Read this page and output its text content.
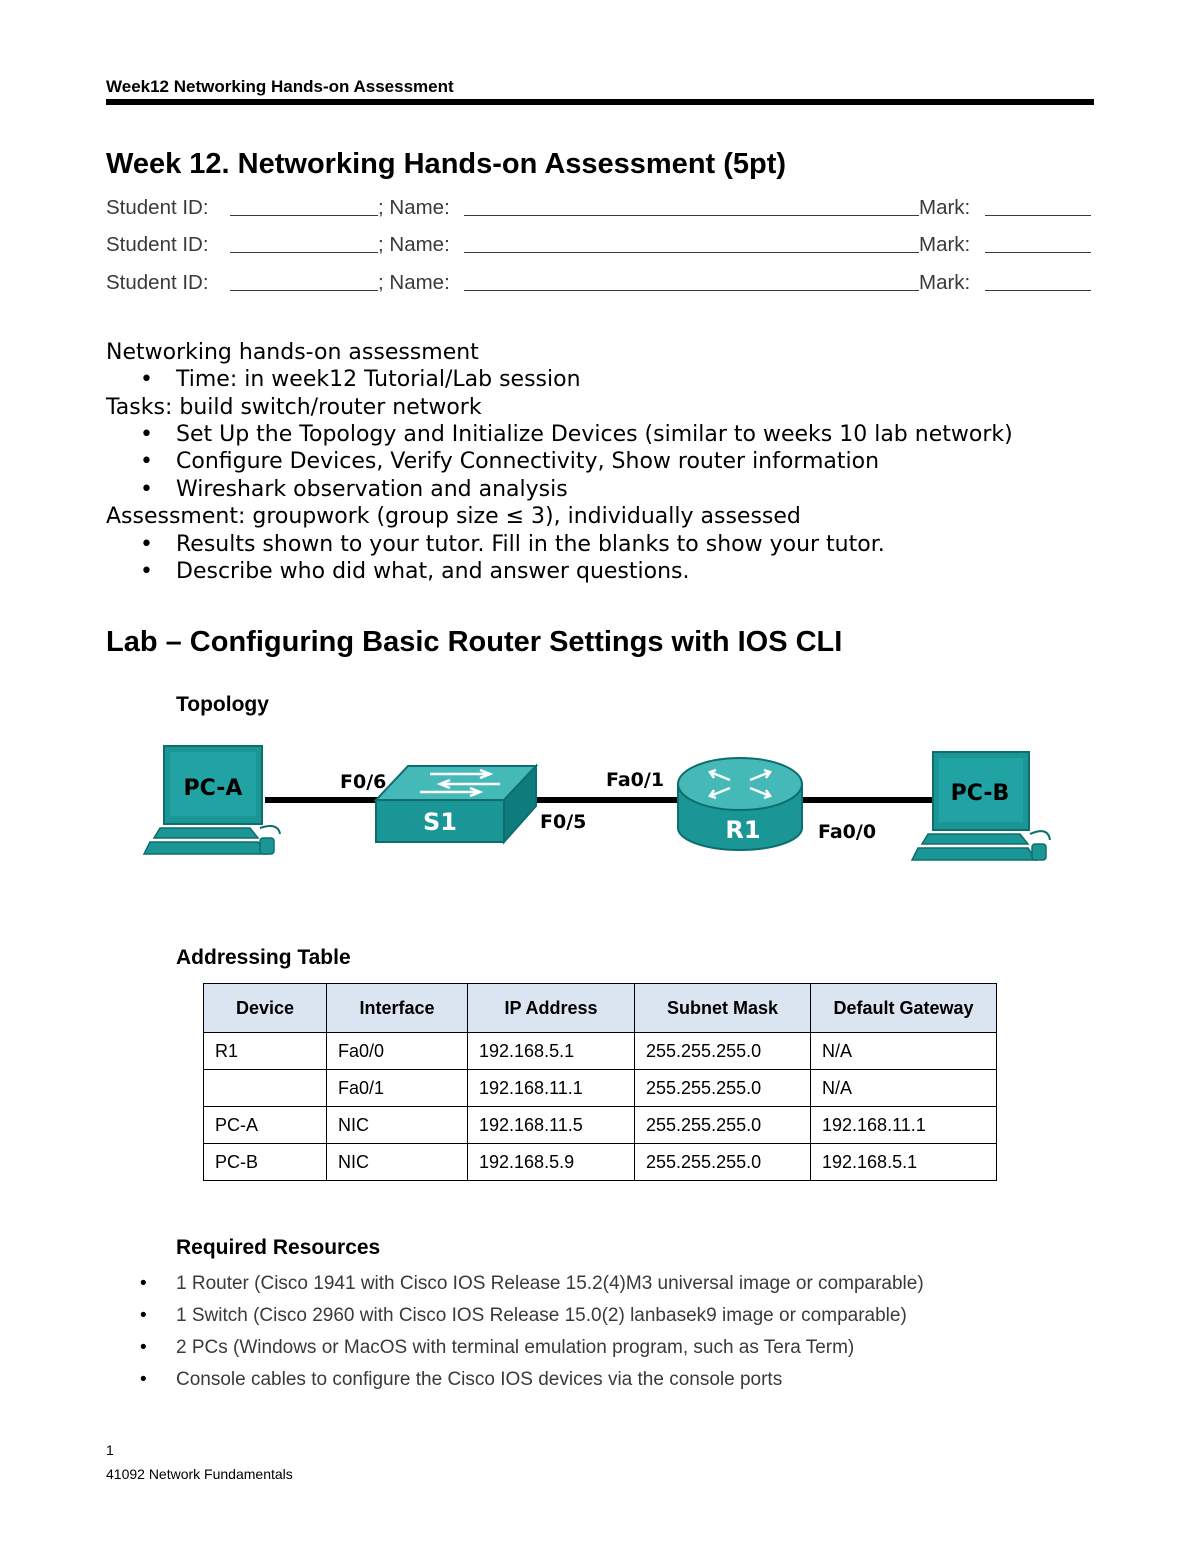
Week12 Networking Hands-on Assessment
Week 12. Networking Hands-on Assessment (5pt)
Student ID:	; Name:	Mark:
Student ID:	; Name:	Mark:
Student ID:	; Name:	Mark:
Networking hands-on assessment
• Time: in week12 Tutorial/Lab session
Tasks: build switch/router network
• Set Up the Topology and Initialize Devices (similar to weeks 10 lab network)
• Configure Devices, Verify Connectivity, Show router information
• Wireshark observation and analysis
Assessment: groupwork (group size ≤ 3), individually assessed
• Results shown to your tutor. Fill in the blanks to show your tutor.
• Describe who did what, and answer questions.
Lab – Configuring Basic Router Settings with IOS CLI
Topology
PC-A
S1	R1
PC-B
F0/6
F0/5
Fa0/1
Fa0/0
Addressing Table
Device	Interface	IP Address	Subnet Mask	Default Gateway
R1	Fa0/0	192.168.5.1	255.255.255.0	N/A
	Fa0/1	192.168.11.1	255.255.255.0	N/A
PC-A	NIC	192.168.11.5	255.255.255.0	192.168.11.1
PC-B	NIC	192.168.5.9	255.255.255.0	192.168.5.1
Required Resources
• 1 Router (Cisco 1941 with Cisco IOS Release 15.2(4)M3 universal image or comparable)
• 1 Switch (Cisco 2960 with Cisco IOS Release 15.0(2) lanbasek9 image or comparable)
• 2 PCs (Windows or MacOS with terminal emulation program, such as Tera Term)
• Console cables to configure the Cisco IOS devices via the console ports
1
41092 Network Fundamentals
